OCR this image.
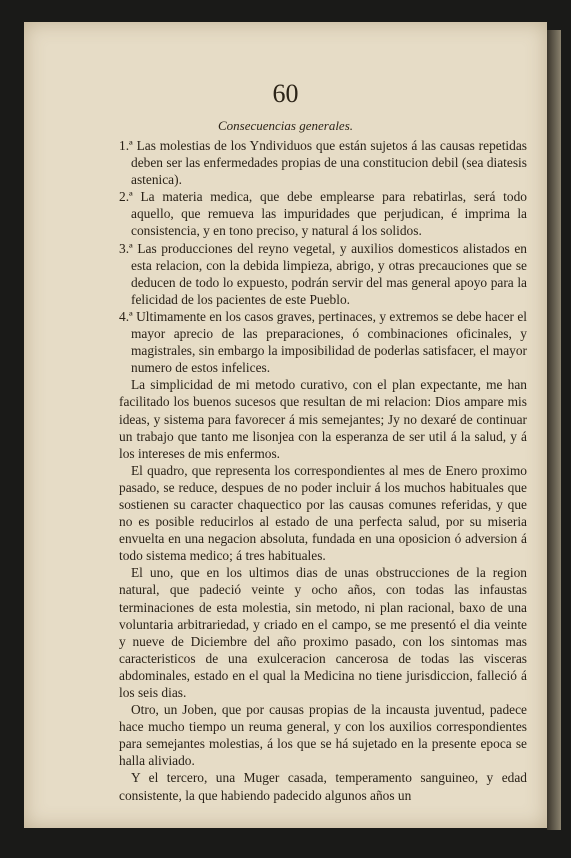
60
Consecuencias generales.

1.ª Las molestias de los Yndividuos que están sujetos á las causas repetidas deben ser las enfermedades propias de una constitucion debil (sea diatesis astenica).

2.ª La materia medica, que debe emplearse para rebatirlas, será todo aquello, que remueva las impuridades que perjudican, é imprima la consistencia, y en tono preciso, y natural á los solidos.

3.ª Las producciones del reyno vegetal, y auxilios domesticos alistados en esta relacion, con la debida limpieza, abrigo, y otras precauciones que se deducen de todo lo expuesto, podrán servir del mas general apoyo para la felicidad de los pacientes de este Pueblo.

4.ª Ultimamente en los casos graves, pertinaces, y extremos se debe hacer el mayor aprecio de las preparaciones, ó combinaciones oficinales, y magistrales, sin embargo la imposibilidad de poderlas satisfacer, el mayor numero de estos infelices.

La simplicidad de mi metodo curativo, con el plan expectante, me han facilitado los buenos sucesos que resultan de mi relacion: Dios ampare mis ideas, y sistema para favorecer á mis semejantes; Jy no dexaré de continuar un trabajo que tanto me lisonjea con la esperanza de ser util á la salud, y á los intereses de mis enfermos.

El quadro, que representa los correspondientes al mes de Enero proximo pasado, se reduce, despues de no poder incluir á los muchos habituales que sostienen su caracter chaquectico por las causas comunes referidas, y que no es posible reducirlos al estado de una perfecta salud, por su miseria envuelta en una negacion absoluta, fundada en una oposicion ó adversion á todo sistema medico; á tres habituales.

El uno, que en los ultimos dias de unas obstrucciones de la region natural, que padeció veinte y ocho años, con todas las infaustas terminaciones de esta molestia, sin metodo, ni plan racional, baxo de una voluntaria arbitrariedad, y criado en el campo, se me presentó el dia veinte y nueve de Diciembre del año proximo pasado, con los sintomas mas caracteristicos de una exulceracion cancerosa de todas las visceras abdominales, estado en el qual la Medicina no tiene jurisdiccion, falleció á los seis dias.

Otro, un Joben, que por causas propias de la incausta juventud, padece hace mucho tiempo un reuma general, y con los auxilios correspondientes para semejantes molestias, á los que se há sujetado en la presente epoca se halla aliviado.

Y el tercero, una Muger casada, temperamento sanguineo, y edad consistente, la que habiendo padecido algunos años un
